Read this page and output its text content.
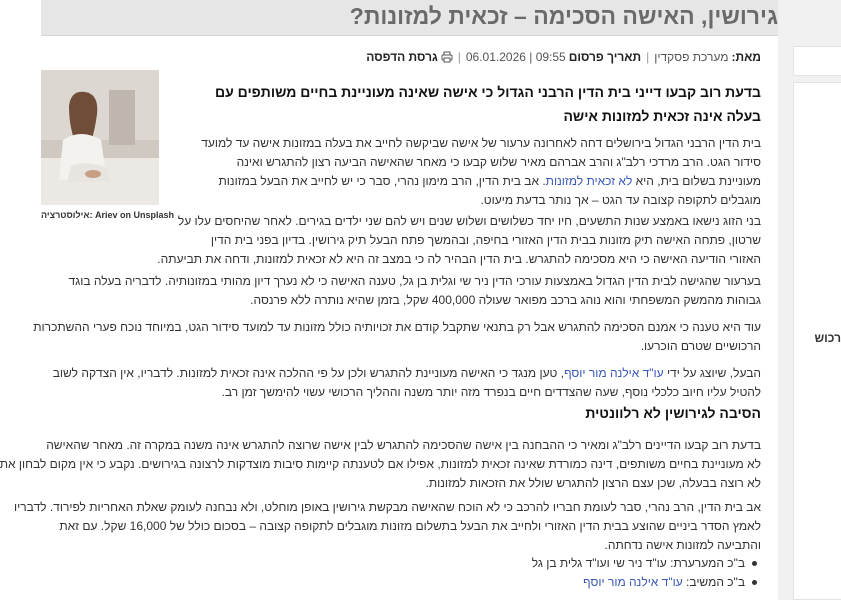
גירושין, האישה הסכימה – זכאית למזונות?
רכוש
מאת:
מערכת פסקדין
|
תאריך פרסום
06.01.2026 | 09:55
|
גרסת הדפסה
אילוסטרציה: Ariev on Unsplash
בדעת רוב קבעו דייני בית הדין הרבני הגדול כי אישה שאינה מעוניינת בחיים משותפים עם
בעלה אינה זכאית למזונות אישה
בית הדין הרבני הגדול בירושלים דחה לאחרונה ערעור של אישה שביקשה לחייב את בעלה במזונות אישה עד למועד
סידור הגט. הרב מרדכי רלב"ג והרב אברהם מאיר שלוש קבעו כי מאחר שהאישה הביעה רצון להתגרש ואינה
מעוניינת בשלום בית, היא לא זכאית למזונות. אב בית הדין, הרב מימון נהרי, סבר כי יש לחייב את הבעל במזונות
מוגבלים לתקופה קצובה עד הגט – אך נותר בדעת מיעוט.
בני הזוג נישאו באמצע שנות התשעים, חיו יחד כשלושים ושלוש שנים ויש להם שני ילדים בגירים. לאחר שהיחסים עלו על
שרטון, פתחה האישה תיק מזונות בבית הדין האזורי בחיפה, ובהמשך פתח הבעל תיק גירושין. בדיון בפני בית הדין
האזורי הודיעה האישה כי היא מסכימה להתגרש. בית הדין הבהיר לה כי במצב זה היא לא זכאית למזונות, ודחה את תביעתה.
בערעור שהגישה לבית הדין הגדול באמצעות עורכי הדין ניר שי וגלית בן גל, טענה האישה כי לא נערך דיון מהותי במזונותיה. לדבריה בעלה בוגד
גבוהות מהמשק המשפחתי והוא נוהג ברכב מפואר שעולה 400,000 שקל, בזמן שהיא נותרה ללא פרנסה.
עוד היא טענה כי אמנם הסכימה להתגרש אבל רק בתנאי שתקבל קודם את זכויותיה כולל מזונות עד למועד סידור הגט, במיוחד נוכח פערי ההשתכרות
הרכושיים שטרם הוכרעו.
הבעל, שיוצג על ידי עו"ד אילנה מור יוסף, טען מנגד כי האישה מעוניינת להתגרש ולכן על פי ההלכה אינה זכאית למזונות. לדבריו, אין הצדקה לשוב
להטיל עליו חיוב כלכלי נוסף, שעה שהצדדים חיים בנפרד מזה יותר משנה וההליך הרכושי עשוי להימשך זמן רב.
הסיבה לגירושין לא רלוונטית
בדעת רוב קבעו הדיינים רלב"ג ומאיר כי ההבחנה בין אישה שהסכימה להתגרש לבין אישה שרוצה להתגרש אינה משנה במקרה זה. מאחר שהאישה
לא מעוניינת בחיים משותפים, דינה כמורדת שאינה זכאית למזונות, אפילו אם לטענתה קיימות סיבות מוצדקות לרצונה בגירושים. נקבע כי אין מקום לבחון את
לא רוצה בבעלה, שכן עצם הרצון להתגרש שולל את הזכאות למזונות.
אב בית הדין, הרב נהרי, סבר לעומת חבריו להרכב כי לא הוכח שהאישה מבקשת גירושין באופן מוחלט, ולא נבחנה לעומק שאלת האחריות לפירוד. לדבריו
לאמץ הסדר ביניים שהוצע בבית הדין האזורי ולחייב את הבעל בתשלום מזונות מוגבלים לתקופה קצובה – בסכום כולל של 16,000 שקל. עם זאת
והתביעה למזונות אישה נדחתה.
ב"כ המערערת: עו"ד ניר שי ועו"ד גלית בן גל
ב"כ המשיב: עו"ד אילנה מור יוסף
